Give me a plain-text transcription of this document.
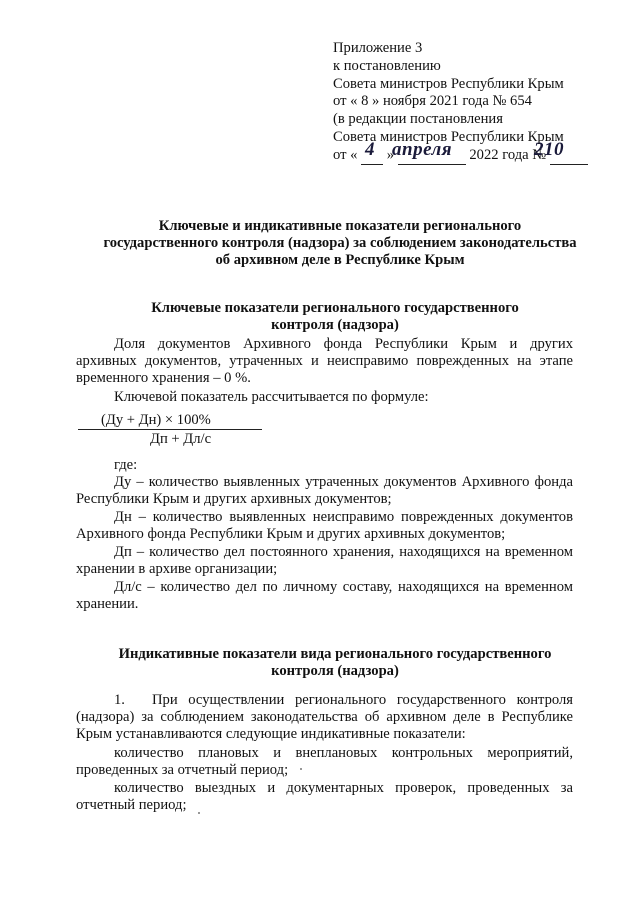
Приложение 3
к постановлению
Совета министров Республики Крым
от « 8 » ноября 2021 года № 654
(в редакции постановления
Совета министров Республики Крым
от « »	2022 года №
4 апреля	210
Ключевые и индикативные показатели регионального
государственного контроля (надзора) за соблюдением законодательства
об архивном деле в Республике Крым
Ключевые показатели регионального государственного
контроля (надзора)
Доля документов Архивного фонда Республики Крым и других архивных документов, утраченных и неисправимо поврежденных на этапе временного хранения – 0 %.
Ключевой показатель рассчитывается по формуле:
(Ду + Дн) × 100%
Дп + Дл/с
где:
Ду – количество выявленных утраченных документов Архивного фонда Республики Крым и других архивных документов;
Дн – количество выявленных неисправимо поврежденных документов Архивного фонда Республики Крым и других архивных документов;
Дп – количество дел постоянного хранения, находящихся на временном хранении в архиве организации;
Дл/с – количество дел по личному составу, находящихся на временном хранении.
Индикативные показатели вида регионального государственного
контроля (надзора)
1.	При осуществлении регионального государственного контроля (надзора) за соблюдением законодательства об архивном деле в Республике Крым устанавливаются следующие индикативные показатели:
количество плановых и внеплановых контрольных мероприятий, проведенных за отчетный период;
количество выездных и документарных проверок, проведенных за отчетный период;
